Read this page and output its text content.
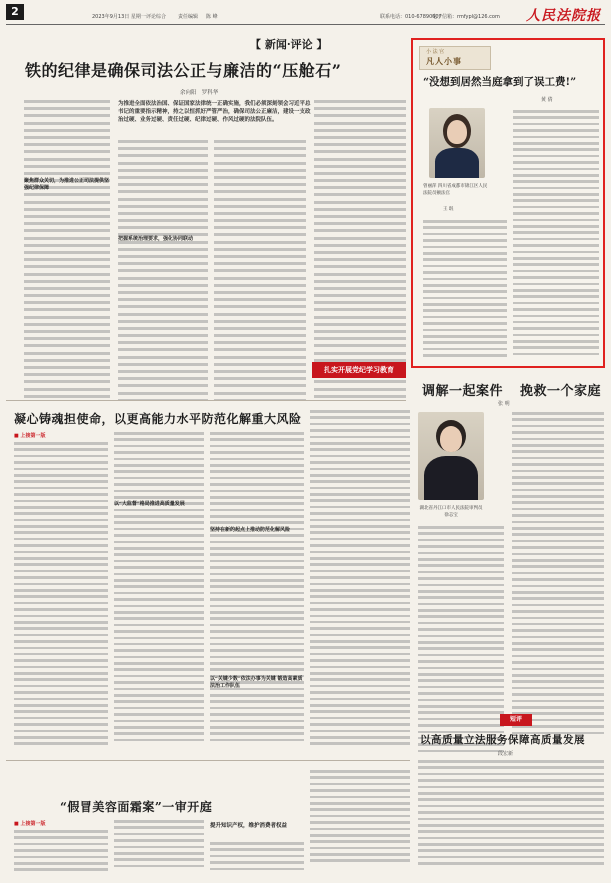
2	2023年9月13日 星期一 评论综合 责任编辑 陈 峰	联系电话：010-67890607
电子信箱：rmfypl@126.com 人民法院报
【 新闻·评论 】
铁的纪律是确保司法公正与廉洁的“压舱石”
余向阳 罗科华
为推进全面依法治国、保证国家法律统一正确实施，我们必须深刻领会习近平总书记的重要指示精神，持之以恒抓好严管严治，确保司法公正廉洁，建设一支政治过硬、业务过硬、责任过硬、纪律过硬、作风过硬的法院队伍。
聚焦群众关切，为推进公正司法提供坚强纪律保障
把握系统治理要求，强化协同联动
小 法 官
凡人小事
“没想到居然当庭拿到了误工费!”
黄 倩
曾丽萍 四川省成都市锦江区人民法院员额法官
王 珉
扎实开展党纪学习教育
调解一起案件 挽救一个家庭
张 明
湖北省丹江口市人民法院审判员 徐志宝
短评
以高质量立法服务保障高质量发展
段宏新
凝心铸魂担使命，以更高能力水平防范化解重大风险
■ 上接第一版
以“大监督”格局推进高质量发展
坚持在新的起点上推动防范化解风险
以“关键少数”依法办事为关键 锻造高素质法治工作队伍
“假冒美容面霜案”一审开庭
■ 上接第一版	提升知识产权，维护消费者权益
